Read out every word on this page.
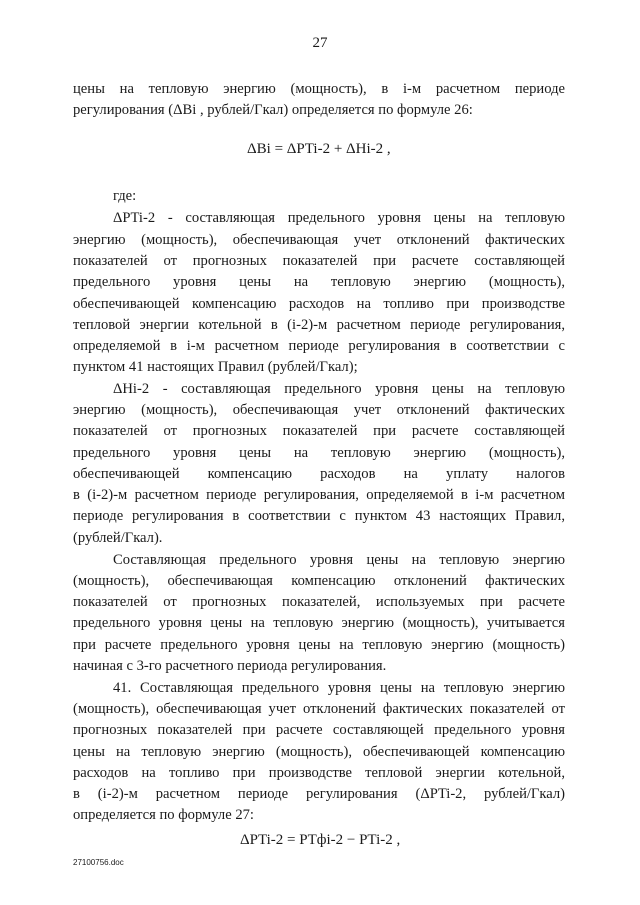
27
цены на тепловую энергию (мощность), в i-м расчетном периоде
регулирования (ΔBi , рублей/Гкал) определяется по формуле 26:
ΔBi = ΔPTi-2 + ΔHi-2 ,
где:
ΔPTi-2 - составляющая предельного уровня цены на тепловую
энергию (мощность), обеспечивающая учет отклонений фактических
показателей от прогнозных показателей при расчете составляющей
предельного уровня цены на тепловую энергию (мощность),
обеспечивающей компенсацию расходов на топливо при производстве
тепловой энергии котельной в (i-2)-м расчетном периоде регулирования,
определяемой в i-м расчетном периоде регулирования в соответствии с
пунктом 41 настоящих Правил (рублей/Гкал);
ΔHi-2 - составляющая предельного уровня цены на тепловую
энергию (мощность), обеспечивающая учет отклонений фактических
показателей от прогнозных показателей при расчете составляющей
предельного уровня цены на тепловую энергию (мощность),
обеспечивающей компенсацию расходов на уплату налогов
в (i-2)-м расчетном периоде регулирования, определяемой в i-м расчетном
периоде регулирования в соответствии с пунктом 43 настоящих Правил,
(рублей/Гкал).
Составляющая предельного уровня цены на тепловую энергию
(мощность), обеспечивающая компенсацию отклонений фактических
показателей от прогнозных показателей, используемых при расчете
предельного уровня цены на тепловую энергию (мощность), учитывается
при расчете предельного уровня цены на тепловую энергию (мощность)
начиная с 3-го расчетного периода регулирования.
41. Составляющая предельного уровня цены на тепловую энергию
(мощность), обеспечивающая учет отклонений фактических показателей от
прогнозных показателей при расчете составляющей предельного уровня
цены на тепловую энергию (мощность), обеспечивающей компенсацию
расходов на топливо при производстве тепловой энергии котельной,
в (i-2)-м расчетном периоде регулирования (ΔPTi-2, рублей/Гкал)
определяется по формуле 27:
ΔPTi-2 = PTфi-2 − PTi-2 ,
27100756.doc
